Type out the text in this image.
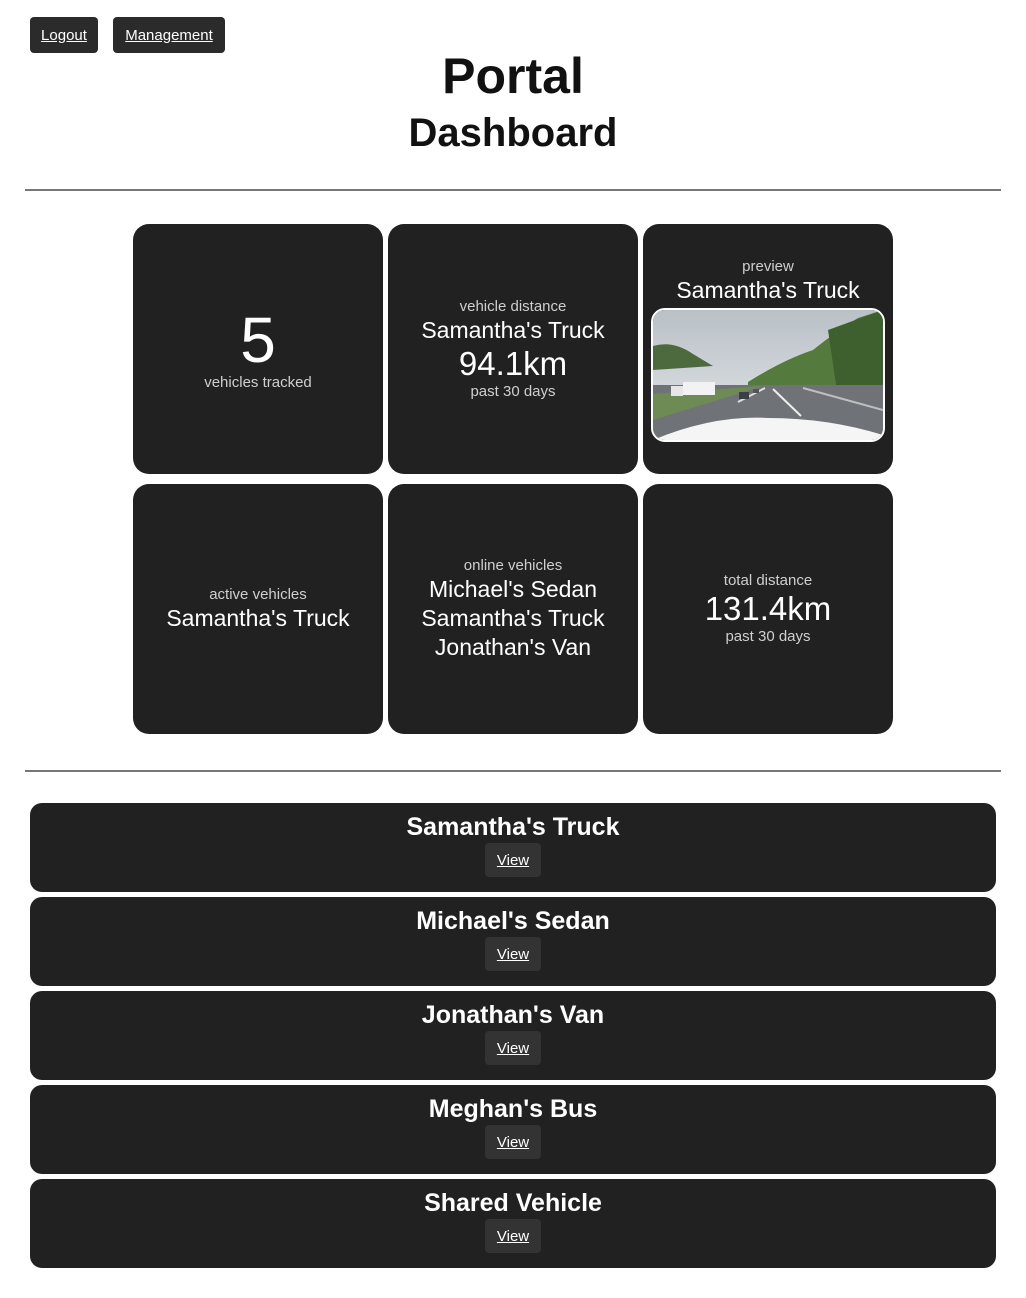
Logout	Management
Portal
Dashboard
5
vehicles tracked
vehicle distance
Samantha's Truck
94.1km
past 30 days
preview
Samantha's Truck
active vehicles
Samantha's Truck
online vehicles
Michael's Sedan
Samantha's Truck
Jonathan's Van
total distance
131.4km
past 30 days
Samantha's Truck
View
Michael's Sedan
View
Jonathan's Van
View
Meghan's Bus
View
Shared Vehicle
View
